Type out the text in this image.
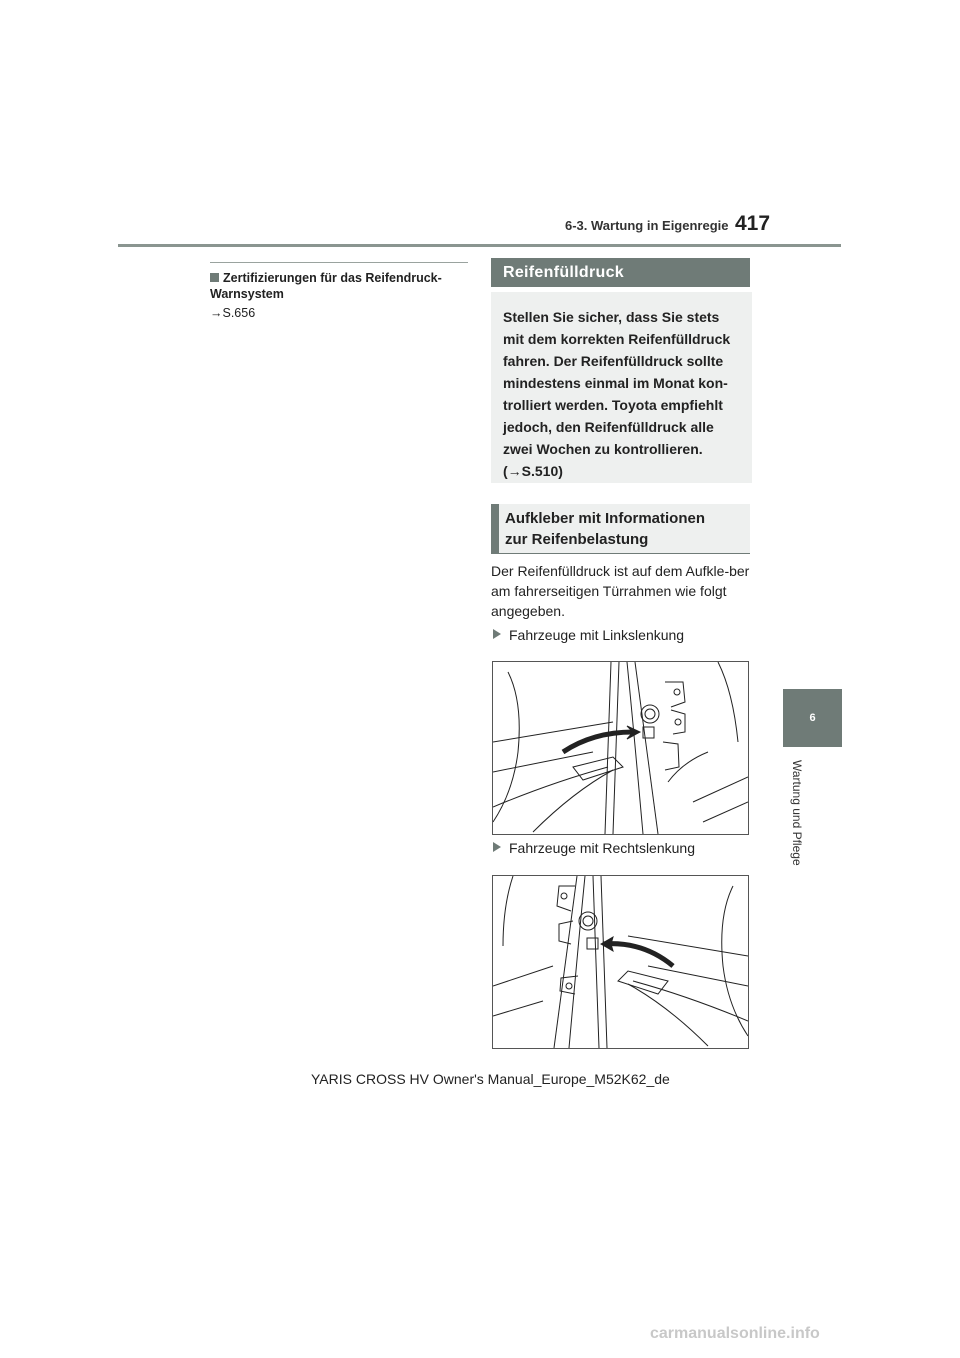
6-3. Wartung in Eigenregie 417
6
Wartung und Pflege
Zertifizierungen für das Reifendruck-Warnsystem
→S.656
Reifenfülldruck

Stellen Sie sicher, dass Sie stets

mit dem korrekten Reifenfülldruck

fahren. Der Reifenfülldruck sollte

mindestens einmal im Monat kon-

trolliert werden. Toyota empfiehlt

jedoch, den Reifenfülldruck alle

zwei Wochen zu kontrollieren.

(→S.510)

Aufkleber mit Informationen
zur Reifenbelastung
Der Reifenfülldruck ist auf dem Aufkle-ber am fahrerseitigen Türrahmen wie folgt angegeben.
Fahrzeuge mit Linkslenkung
Fahrzeuge mit Rechtslenkung
YARIS CROSS HV Owner's Manual_Europe_M52K62_de
carmanualsonline.info
